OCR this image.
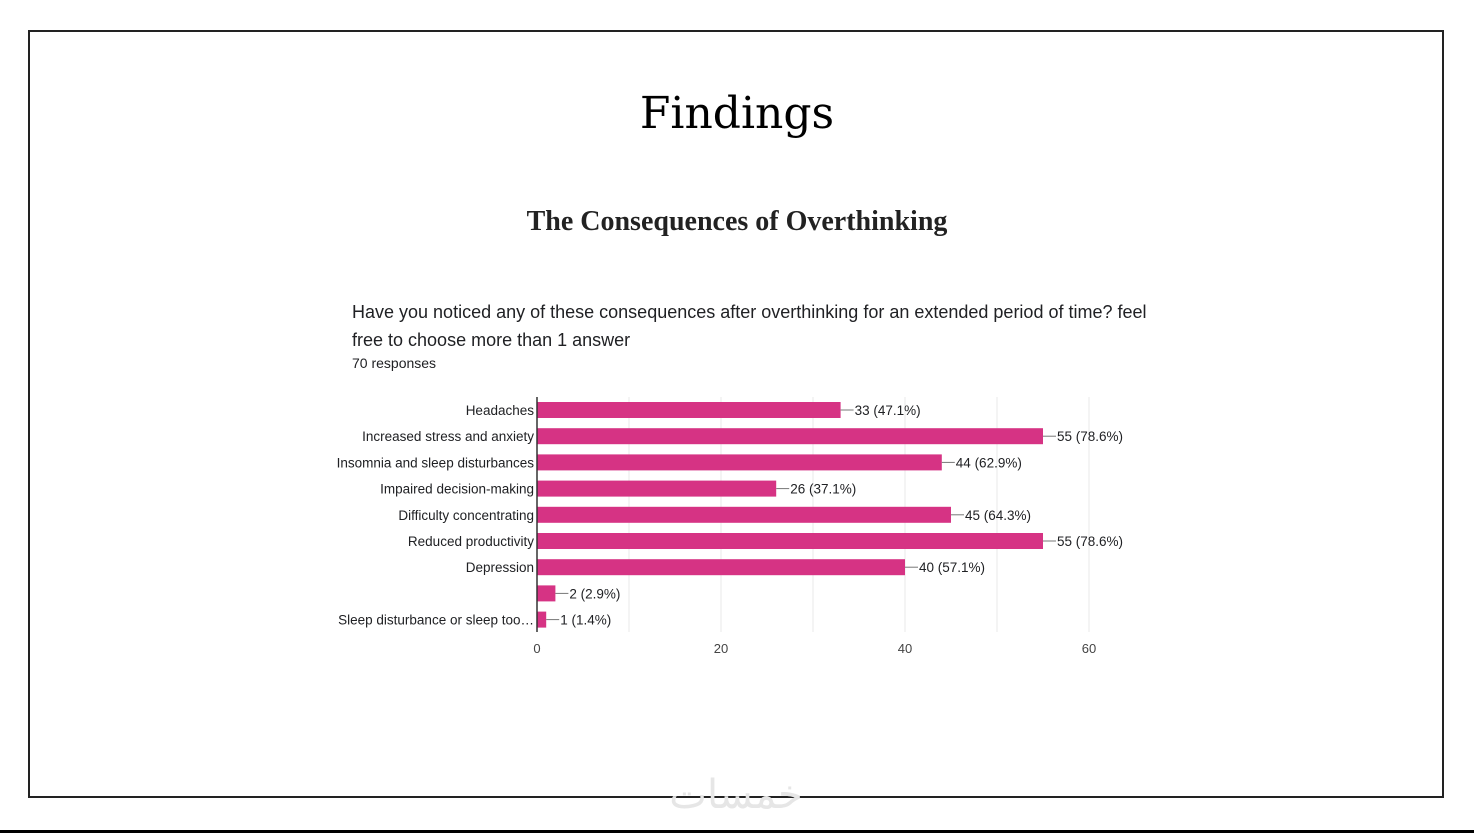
Findings
The Consequences of Overthinking
Have you noticed any of these consequences after overthinking for an extended period of time? feel
free to choose more than 1 answer
70 responses
0	20	40	60
Headaches	33 (47.1%)
Increased stress and anxiety	55 (78.6%)
Insomnia and sleep disturbances	44 (62.9%)
Impaired decision-making	26 (37.1%)
Difficulty concentrating	45 (64.3%)
Reduced productivity	55 (78.6%)
Depression	40 (57.1%)
2 (2.9%)
Sleep disturbance or sleep too… 1 (1.4%)
خمسات
